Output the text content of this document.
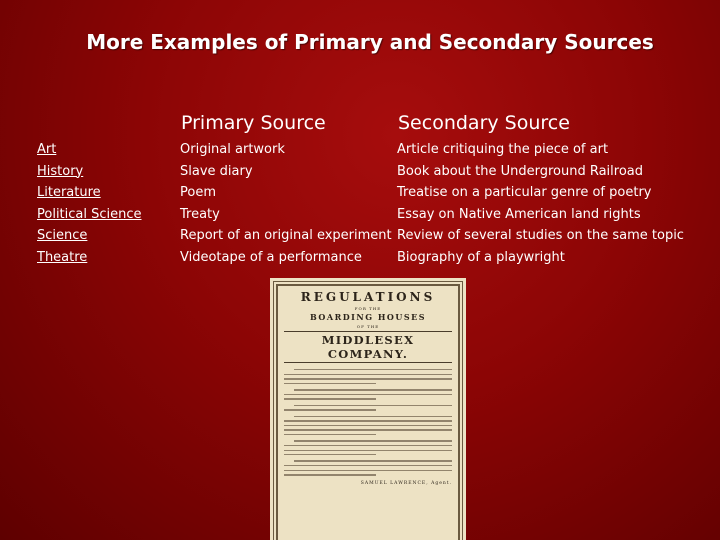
More Examples of Primary and Secondary Sources
Primary Source	Secondary Source
Art
History
Literature
Political Science
Science
Theatre
Original artwork
Slave diary
Poem
Treaty
Report of an original experiment
Videotape of a performance
Article critiquing the piece of art
Book about the Underground Railroad
Treatise on a particular genre of poetry
Essay on Native American land rights
Review of several studies on the same topic
Biography of a playwright
REGULATIONS
FOR THE
BOARDING HOUSES
OF THE
MIDDLESEX COMPANY.
SAMUEL LAWRENCE, Agent.
